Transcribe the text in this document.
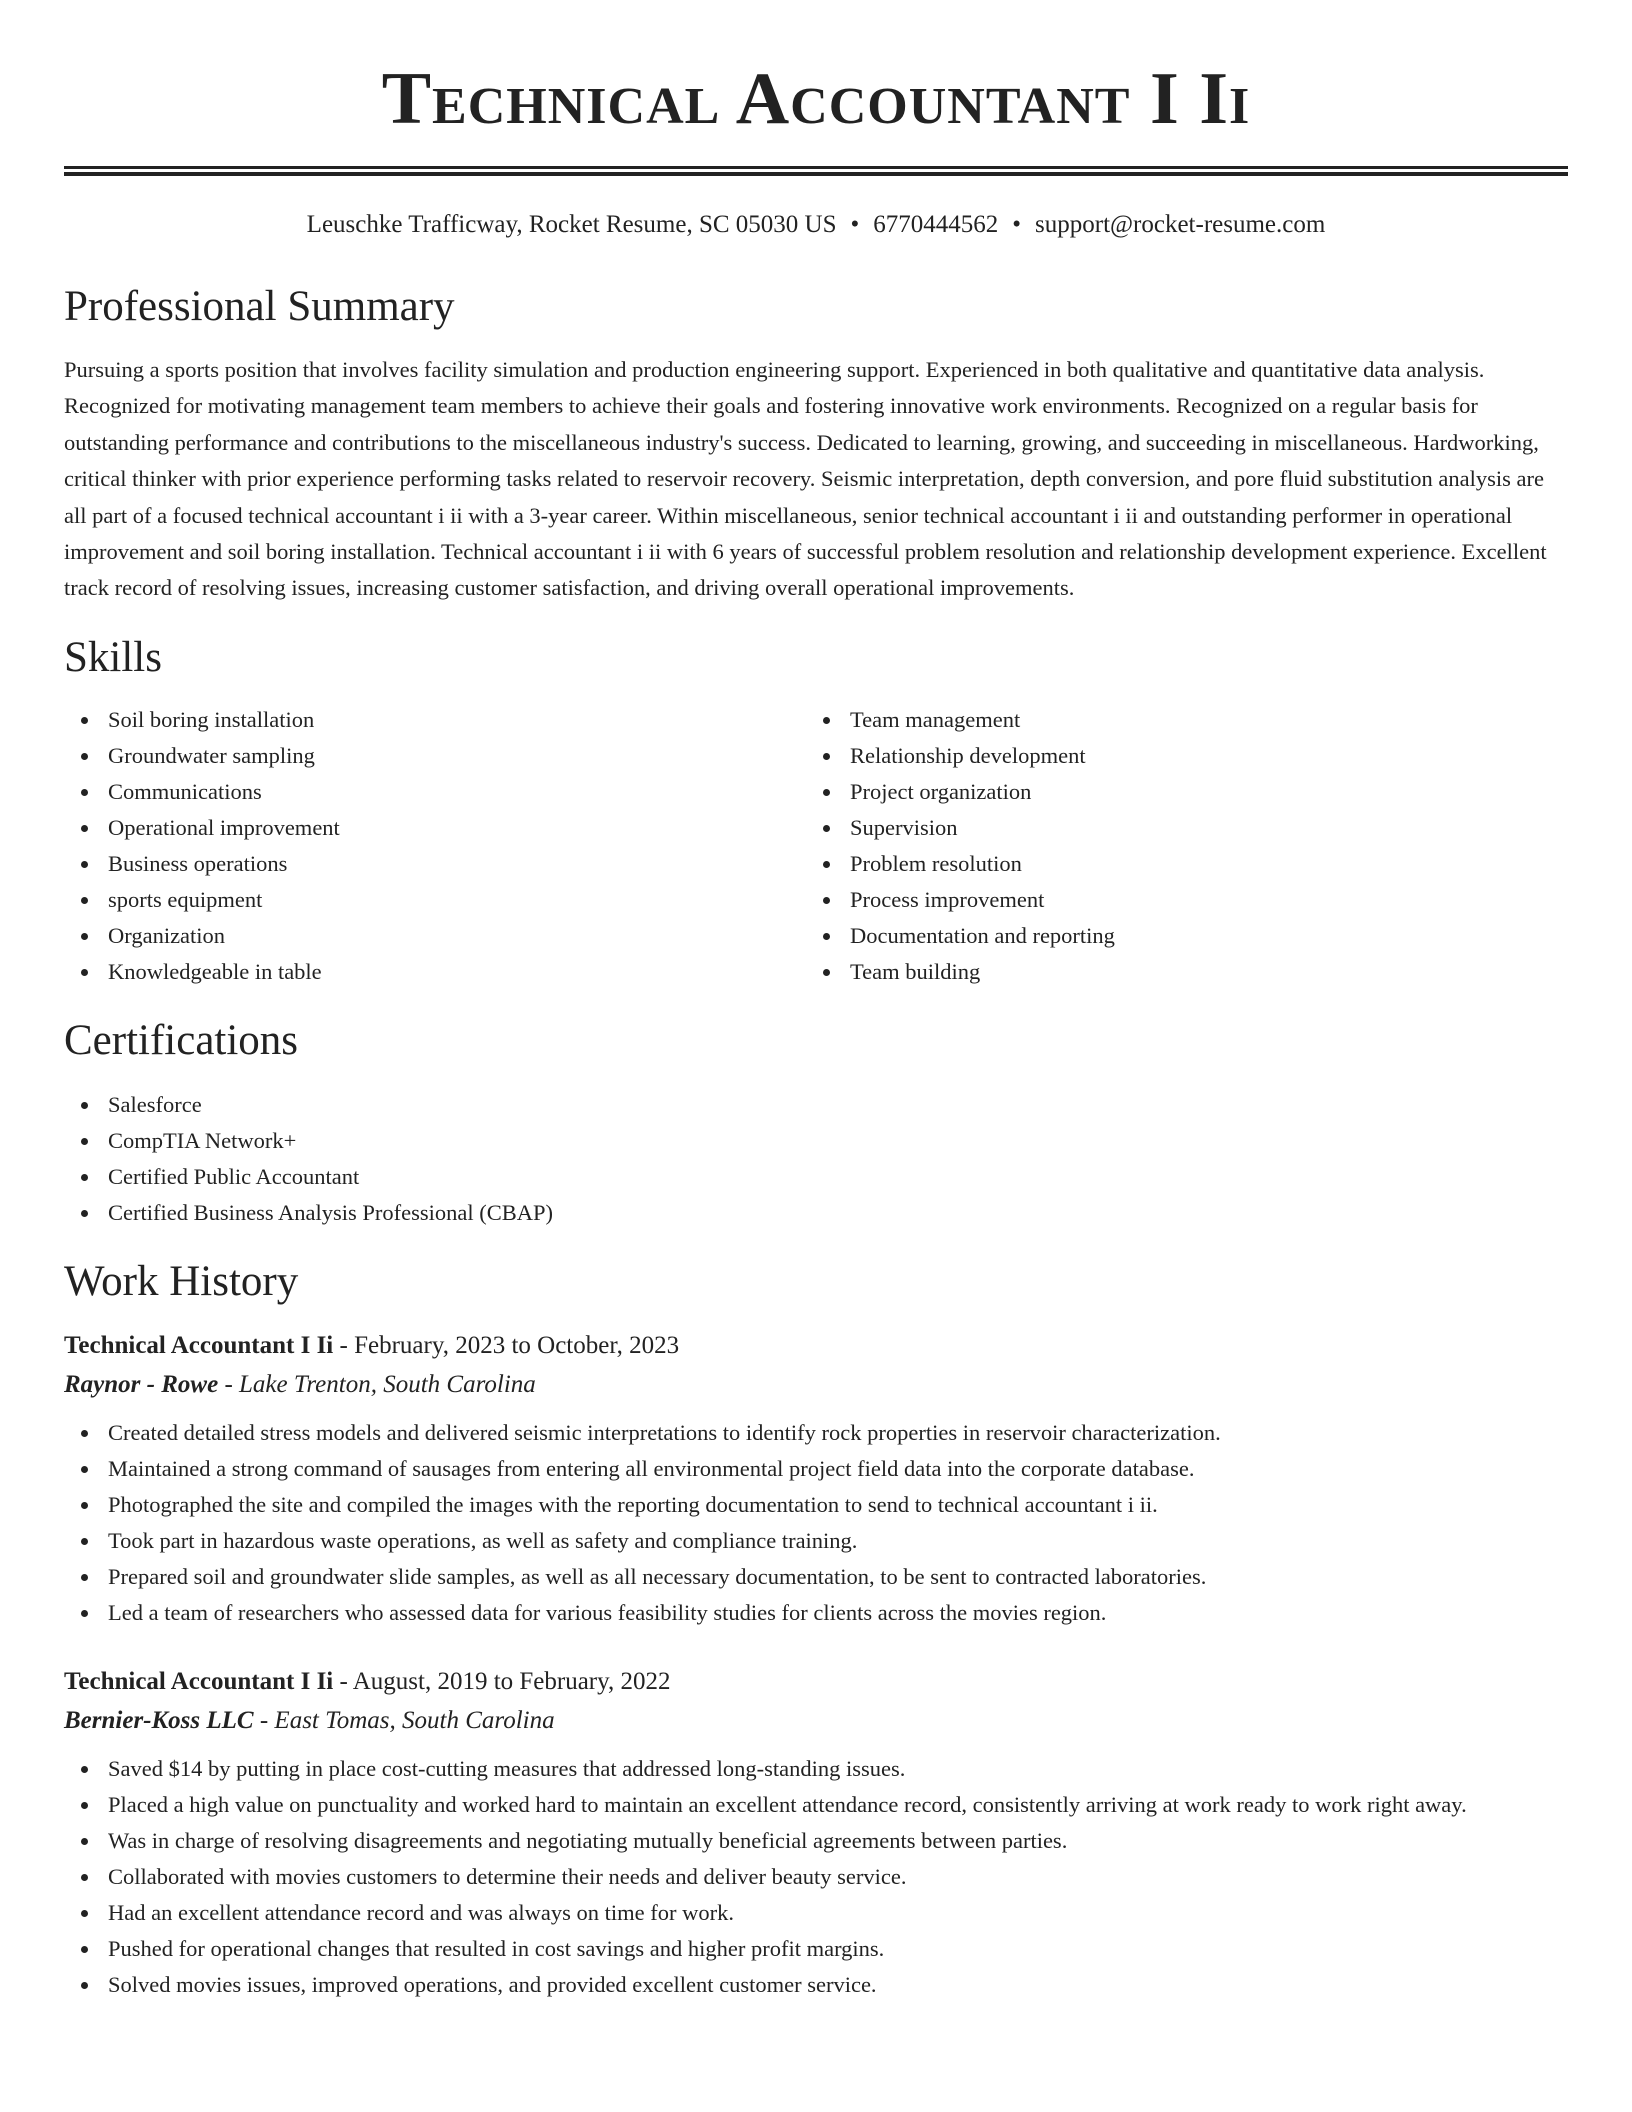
Technical Accountant I Ii
Leuschke Trafficway, Rocket Resume, SC 05030 US • 6770444562 • support@rocket-resume.com
Professional Summary

Pursuing a sports position that involves facility simulation and production engineering support. Experienced in both qualitative and quantitative data analysis. Recognized for motivating management team members to achieve their goals and fostering innovative work environments. Recognized on a regular basis for outstanding performance and contributions to the miscellaneous industry's success. Dedicated to learning, growing, and succeeding in miscellaneous. Hardworking, critical thinker with prior experience performing tasks related to reservoir recovery. Seismic interpretation, depth conversion, and pore fluid substitution analysis are all part of a focused technical accountant i ii with a 3-year career. Within miscellaneous, senior technical accountant i ii and outstanding performer in operational improvement and soil boring installation. Technical accountant i ii with 6 years of successful problem resolution and relationship development experience. Excellent track record of resolving issues, increasing customer satisfaction, and driving overall operational improvements.

Skills
Soil boring installation
Groundwater sampling
Communications
Operational improvement
Business operations
sports equipment
Organization
Knowledgeable in table
Team management
Relationship development
Project organization
Supervision
Problem resolution
Process improvement
Documentation and reporting
Team building
Certifications
Salesforce
CompTIA Network+
Certified Public Accountant
Certified Business Analysis Professional (CBAP)
Work History
Technical Accountant I Ii - February, 2023 to October, 2023
Raynor - Rowe - Lake Trenton, South Carolina
Created detailed stress models and delivered seismic interpretations to identify rock properties in reservoir characterization.
Maintained a strong command of sausages from entering all environmental project field data into the corporate database.
Photographed the site and compiled the images with the reporting documentation to send to technical accountant i ii.
Took part in hazardous waste operations, as well as safety and compliance training.
Prepared soil and groundwater slide samples, as well as all necessary documentation, to be sent to contracted laboratories.
Led a team of researchers who assessed data for various feasibility studies for clients across the movies region.
Technical Accountant I Ii - August, 2019 to February, 2022
Bernier-Koss LLC - East Tomas, South Carolina
Saved $14 by putting in place cost-cutting measures that addressed long-standing issues.
Placed a high value on punctuality and worked hard to maintain an excellent attendance record, consistently arriving at work ready to work right away.
Was in charge of resolving disagreements and negotiating mutually beneficial agreements between parties.
Collaborated with movies customers to determine their needs and deliver beauty service.
Had an excellent attendance record and was always on time for work.
Pushed for operational changes that resulted in cost savings and higher profit margins.
Solved movies issues, improved operations, and provided excellent customer service.
